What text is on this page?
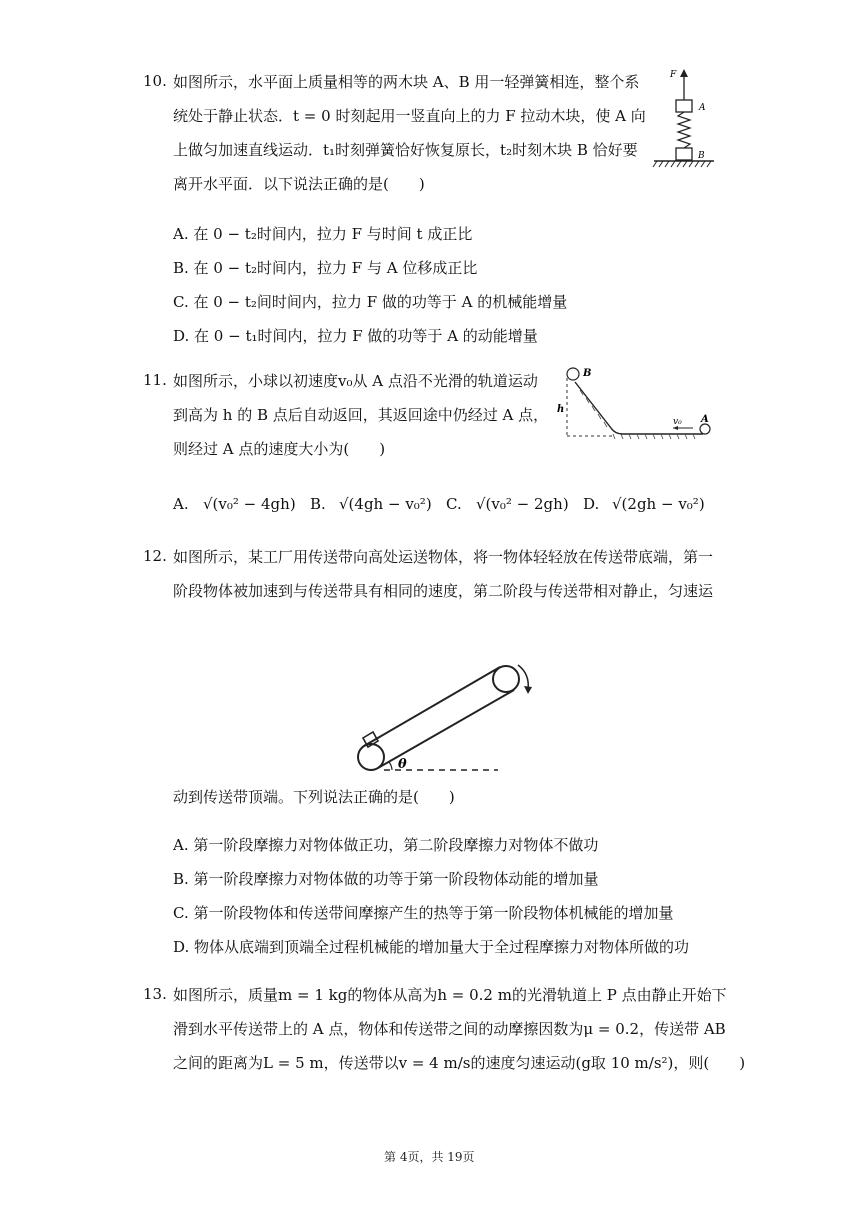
10. 如图所示，水平面上质量相等的两木块 A、B 用一轻弹簧相连，整个系
统处于静止状态．t = 0 时刻起用一竖直向上的力 F 拉动木块，使 A 向
上做匀加速直线运动．t₁时刻弹簧恰好恢复原长，t₂时刻木块 B 恰好要
离开水平面．以下说法正确的是(　　)
F
A
B
A. 在 0 − t₂时间内，拉力 F 与时间 t 成正比
B. 在 0 − t₂时间内，拉力 F 与 A 位移成正比
C. 在 0 − t₂间时间内，拉力 F 做的功等于 A 的机械能增量
D. 在 0 − t₁时间内，拉力 F 做的功等于 A 的动能增量
11. 如图所示，小球以初速度v₀从 A 点沿不光滑的轨道运动
到高为 h 的 B 点后自动返回，其返回途中仍经过 A 点，
则经过 A 点的速度大小为(　　)
B
h
v₀ A
A. √(v₀² − 4gh) B. √(4gh − v₀²) C. √(v₀² − 2gh) D. √(2gh − v₀²)
12. 如图所示，某工厂用传送带向高处运送物体，将一物体轻轻放在传送带底端，第一
阶段物体被加速到与传送带具有相同的速度，第二阶段与传送带相对静止，匀速运
θ
动到传送带顶端。下列说法正确的是(　　)
A. 第一阶段摩擦力对物体做正功，第二阶段摩擦力对物体不做功
B. 第一阶段摩擦力对物体做的功等于第一阶段物体动能的增加量
C. 第一阶段物体和传送带间摩擦产生的热等于第一阶段物体机械能的增加量
D. 物体从底端到顶端全过程机械能的增加量大于全过程摩擦力对物体所做的功
13. 如图所示，质量m = 1 kg的物体从高为h = 0.2 m的光滑轨道上 P 点由静止开始下
滑到水平传送带上的 A 点，物体和传送带之间的动摩擦因数为μ = 0.2，传送带 AB
之间的距离为L = 5 m，传送带以v = 4 m/s的速度匀速运动(g取 10 m/s²)，则(　　)
第 4页，共 19页
